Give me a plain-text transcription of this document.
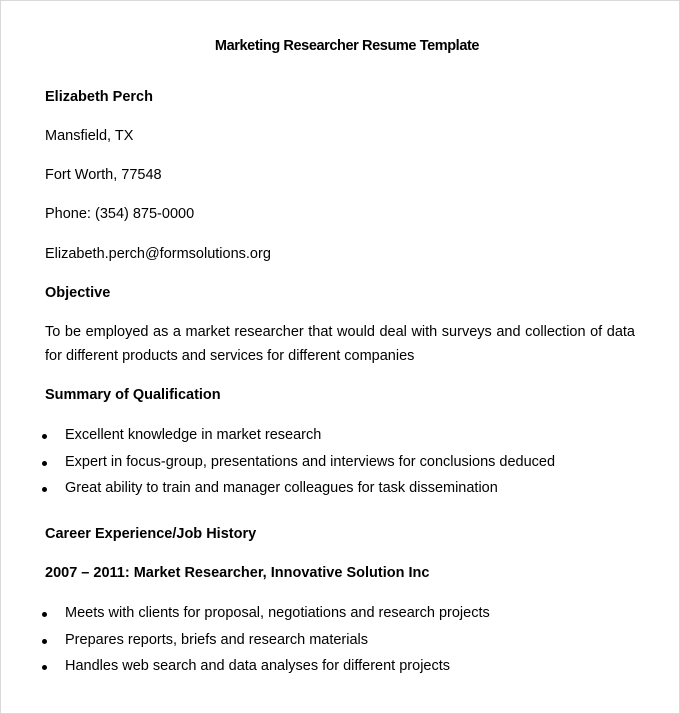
Marketing Researcher Resume Template
Elizabeth Perch
Mansfield, TX
Fort Worth, 77548
Phone: (354) 875-0000
Elizabeth.perch@formsolutions.org
Objective
To be employed as a market researcher that would deal with surveys and collection of data for different products and services for different companies
Summary of Qualification
Excellent knowledge in market research
Expert in focus-group, presentations and interviews for conclusions deduced
Great ability to train and manager colleagues for task dissemination
Career Experience/Job History
2007 – 2011: Market Researcher, Innovative Solution Inc
Meets with clients for proposal, negotiations and research projects
Prepares reports, briefs and research materials
Handles web search and data analyses for different projects
